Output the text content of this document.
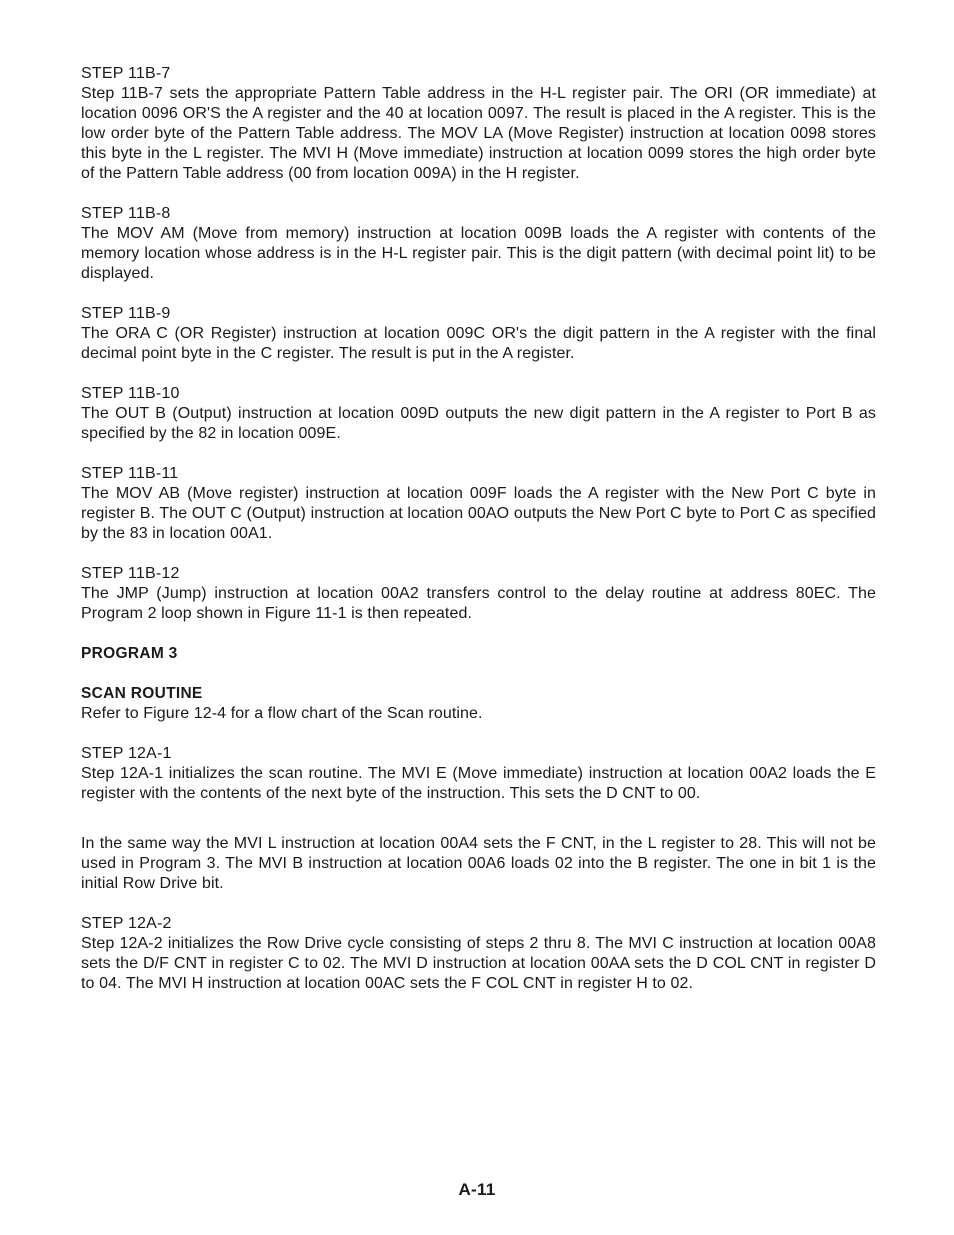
STEP 11B-7

Step 11B-7 sets the appropriate Pattern Table address in the H-L register pair. The ORI (OR immediate) at location 0096 OR'S the A register and the 40 at location 0097. The result is placed in the A register. This is the low order byte of the Pattern Table address. The MOV LA (Move Register) instruction at location 0098 stores this byte in the L register. The MVI H (Move immediate) instruction at location 0099 stores the high order byte of the Pattern Table address (00 from location 009A) in the H register.

STEP 11B-8

The MOV AM (Move from memory) instruction at location 009B loads the A register with contents of the memory location whose address is in the H-L register pair. This is the digit pattern (with decimal point lit) to be displayed.

STEP 11B-9

The ORA C (OR Register) instruction at location 009C OR's the digit pattern in the A register with the final decimal point byte in the C register. The result is put in the A register.

STEP 11B-10

The OUT B (Output) instruction at location 009D outputs the new digit pattern in the A register to Port B as specified by the 82 in location 009E.

STEP 11B-11

The MOV AB (Move register) instruction at location 009F loads the A register with the New Port C byte in register B. The OUT C (Output) instruction at location 00AO outputs the New Port C byte to Port C as specified by the 83 in location 00A1.

STEP 11B-12

The JMP (Jump) instruction at location 00A2 transfers control to the delay routine at address 80EC. The Program 2 loop shown in Figure 11-1 is then repeated.

PROGRAM 3

SCAN ROUTINE

Refer to Figure 12-4 for a flow chart of the Scan routine.

STEP 12A-1

Step 12A-1 initializes the scan routine. The MVI E (Move immediate) instruction at location 00A2 loads the E register with the contents of the next byte of the instruction. This sets the D CNT to 00.

In the same way the MVI L instruction at location 00A4 sets the F CNT, in the L register to 28. This will not be used in Program 3. The MVI B instruction at location 00A6 loads 02 into the B register. The one in bit 1 is the initial Row Drive bit.

STEP 12A-2

Step 12A-2 initializes the Row Drive cycle consisting of steps 2 thru 8. The MVI C instruction at location 00A8 sets the D/F CNT in register C to 02. The MVI D instruction at location 00AA sets the D COL CNT in register D to 04. The MVI H instruction at location 00AC sets the F COL CNT in register H to 02.

A-11
